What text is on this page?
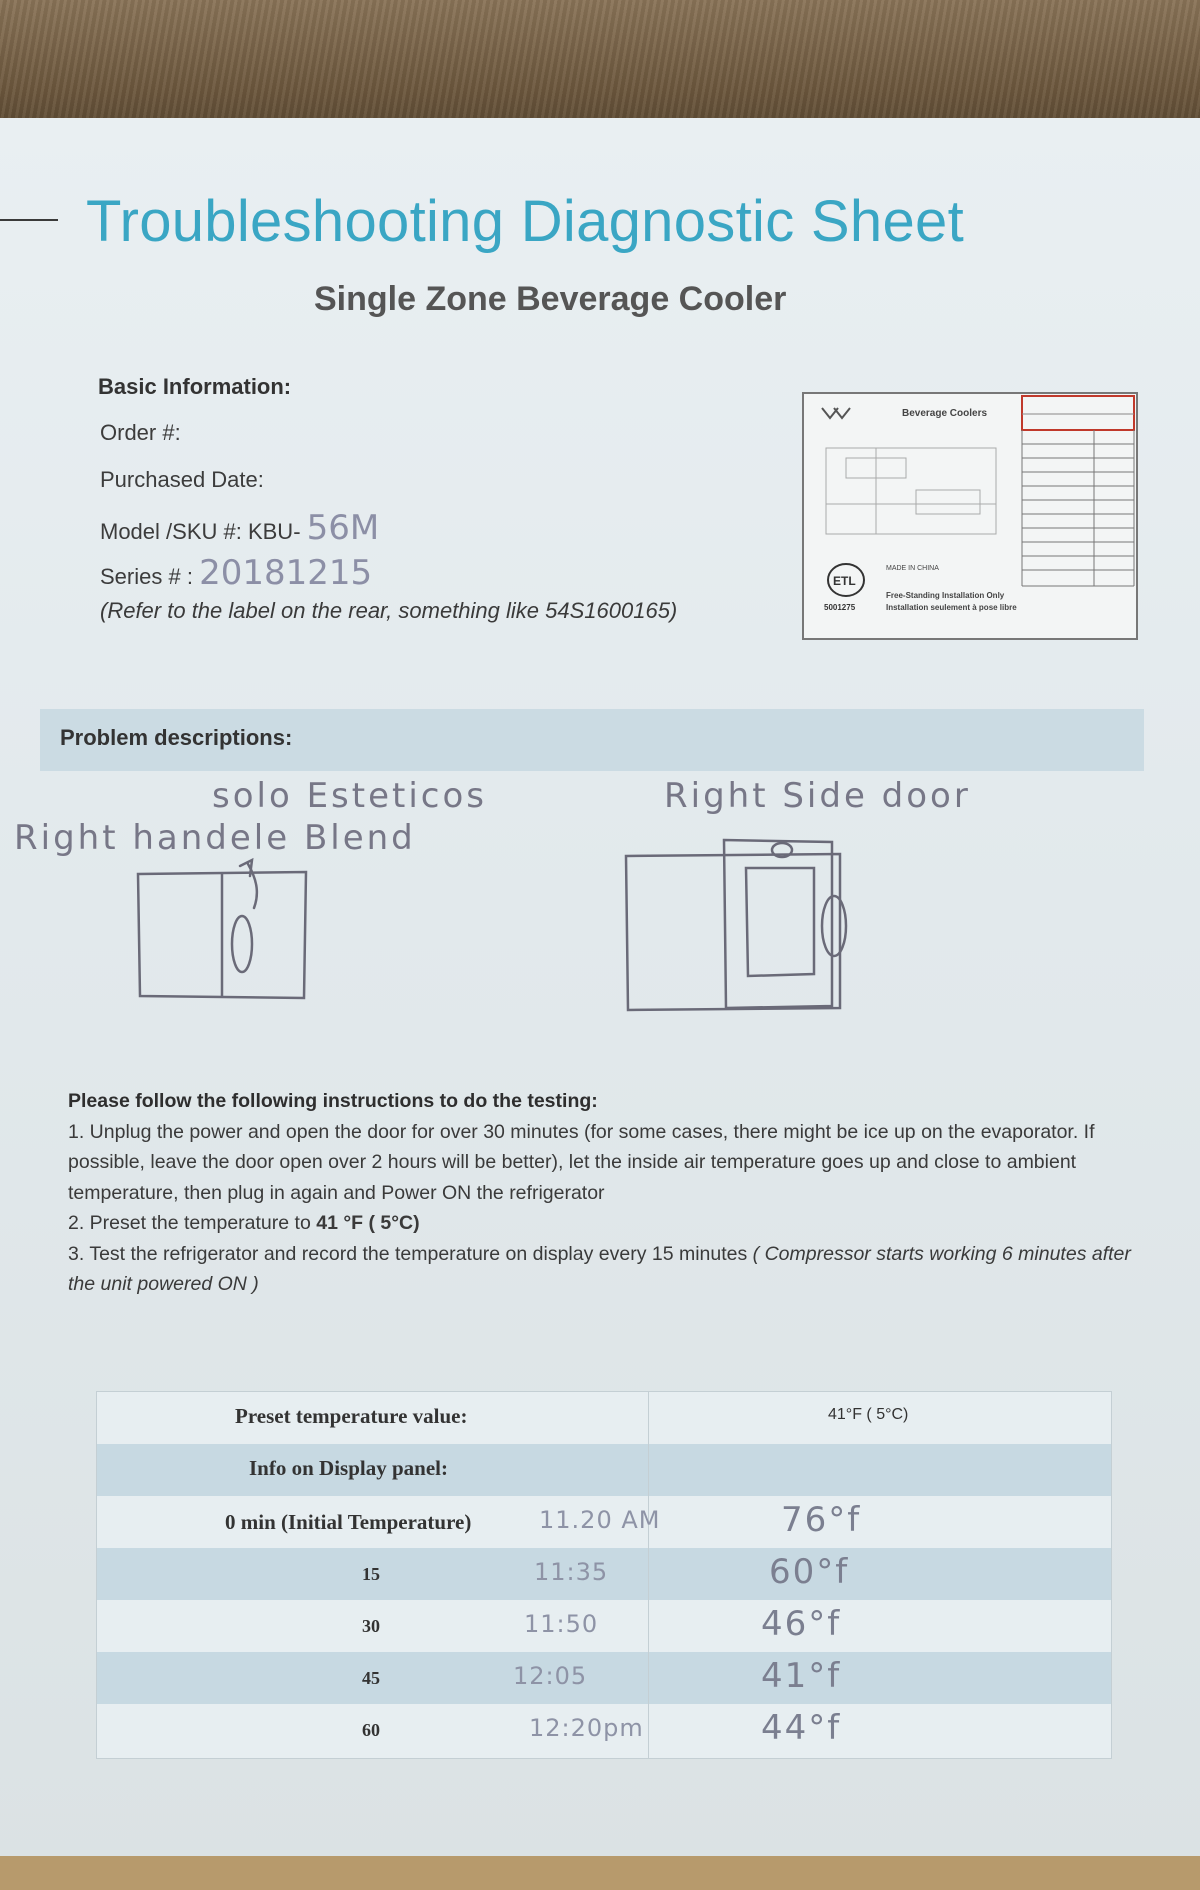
Troubleshooting Diagnostic Sheet
Single Zone Beverage Cooler
Basic Information:
Order #:
Purchased Date:
Model /SKU #: KBU- 56M
Series # : 20181215
(Refer to the label on the rear, something like 54S1600165)
Beverage Coolers
ETL
5001275
MADE IN CHINA
Free-Standing Installation Only
Installation seulement à pose libre
Problem descriptions:
solo Esteticos
Right handele Blend
Right Side door

Please follow the following instructions to do the testing:

1. Unplug the power and open the door for over 30 minutes (for some cases, there might be ice up on the evaporator. If possible, leave the door open over 2 hours will be better), let the inside air temperature goes up and close to ambient temperature, then plug in again and Power ON the refrigerator

2. Preset the temperature to 41 °F ( 5°C)

3. Test the refrigerator and record the temperature on display every 15 minutes ( Compressor starts working 6 minutes after the unit powered ON )

Preset temperature value:	41°F ( 5°C)
Info on Display panel:
0 min (Initial Temperature)	11.20 AM	76°f
15	11:35	60°f
30	11:50	46°f
45	12:05	41°f
60	12:20pm	44°f
